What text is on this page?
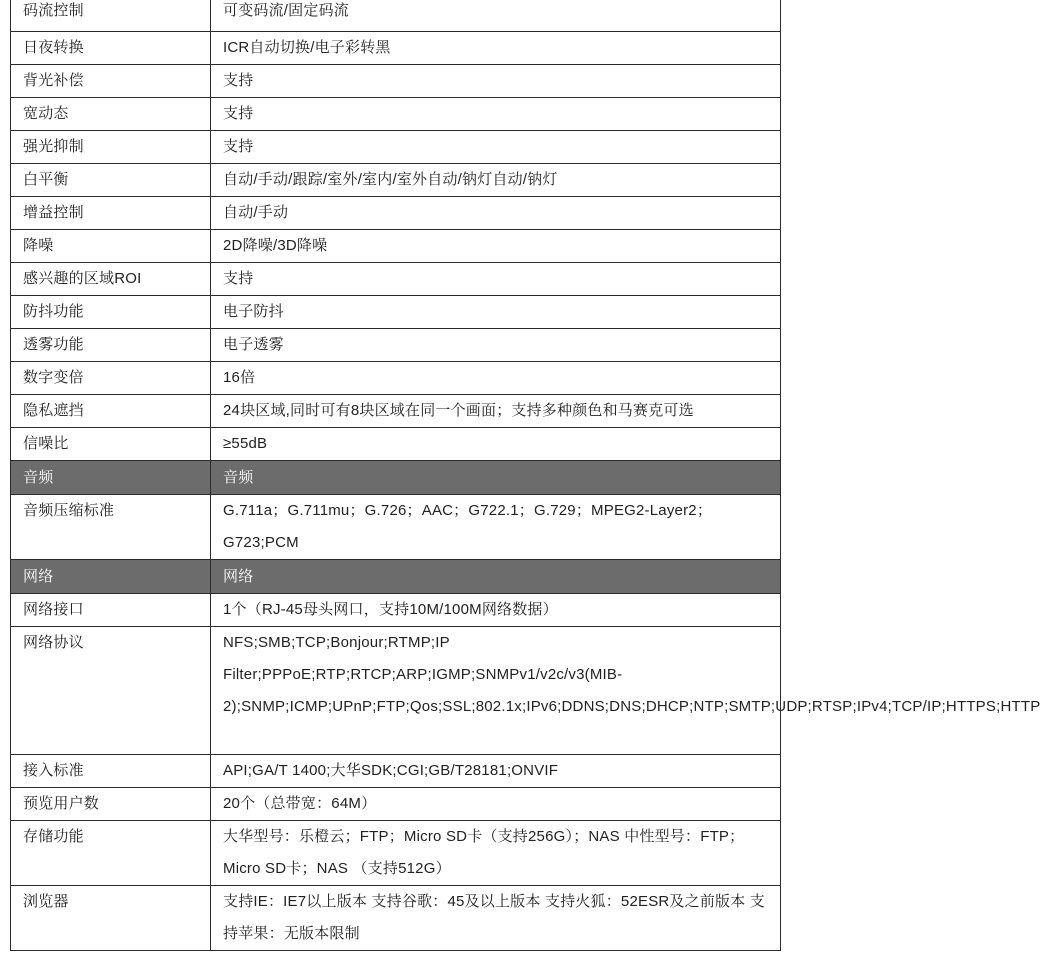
码流控制	可变码流/固定码流
日夜转换	ICR自动切换/电子彩转黑
背光补偿	支持
宽动态	支持
强光抑制	支持
白平衡	自动/手动/跟踪/室外/室内/室外自动/钠灯自动/钠灯
增益控制	自动/手动
降噪	2D降噪/3D降噪
感兴趣的区域ROI	支持
防抖功能	电子防抖
透雾功能	电子透雾
数字变倍	16倍
隐私遮挡	24块区域,同时可有8块区域在同一个画面；支持多种颜色和马赛克可选
信噪比	≥55dB
音频	音频
音频压缩标准	G.711a；G.711mu；G.726；AAC；G722.1；G.729；MPEG2-Layer2；G723;PCM
网络	网络
网络接口	1个（RJ-45母头网口，支持10M/100M网络数据）
网络协议	NFS;SMB;TCP;Bonjour;RTMP;IP Filter;PPPoE;RTP;RTCP;ARP;IGMP;SNMPv1/v2c/v3(MIB-2);SNMP;ICMP;UPnP;FTP;Qos;SSL;802.1x;IPv6;DDNS;DNS;DHCP;NTP;SMTP;UDP;RTSP;IPv4;TCP/IP;HTTPS;HTTP
接入标准	API;GA/T 1400;大华SDK;CGI;GB/T28181;ONVIF
预览用户数	20个（总带宽：64M）
存储功能	大华型号：乐橙云；FTP；Micro SD卡（支持256G）；NAS 中性型号：FTP；Micro SD卡；NAS （支持512G）
浏览器	支持IE：IE7以上版本 支持谷歌：45及以上版本 支持火狐：52ESR及之前版本 支持苹果：无版本限制
